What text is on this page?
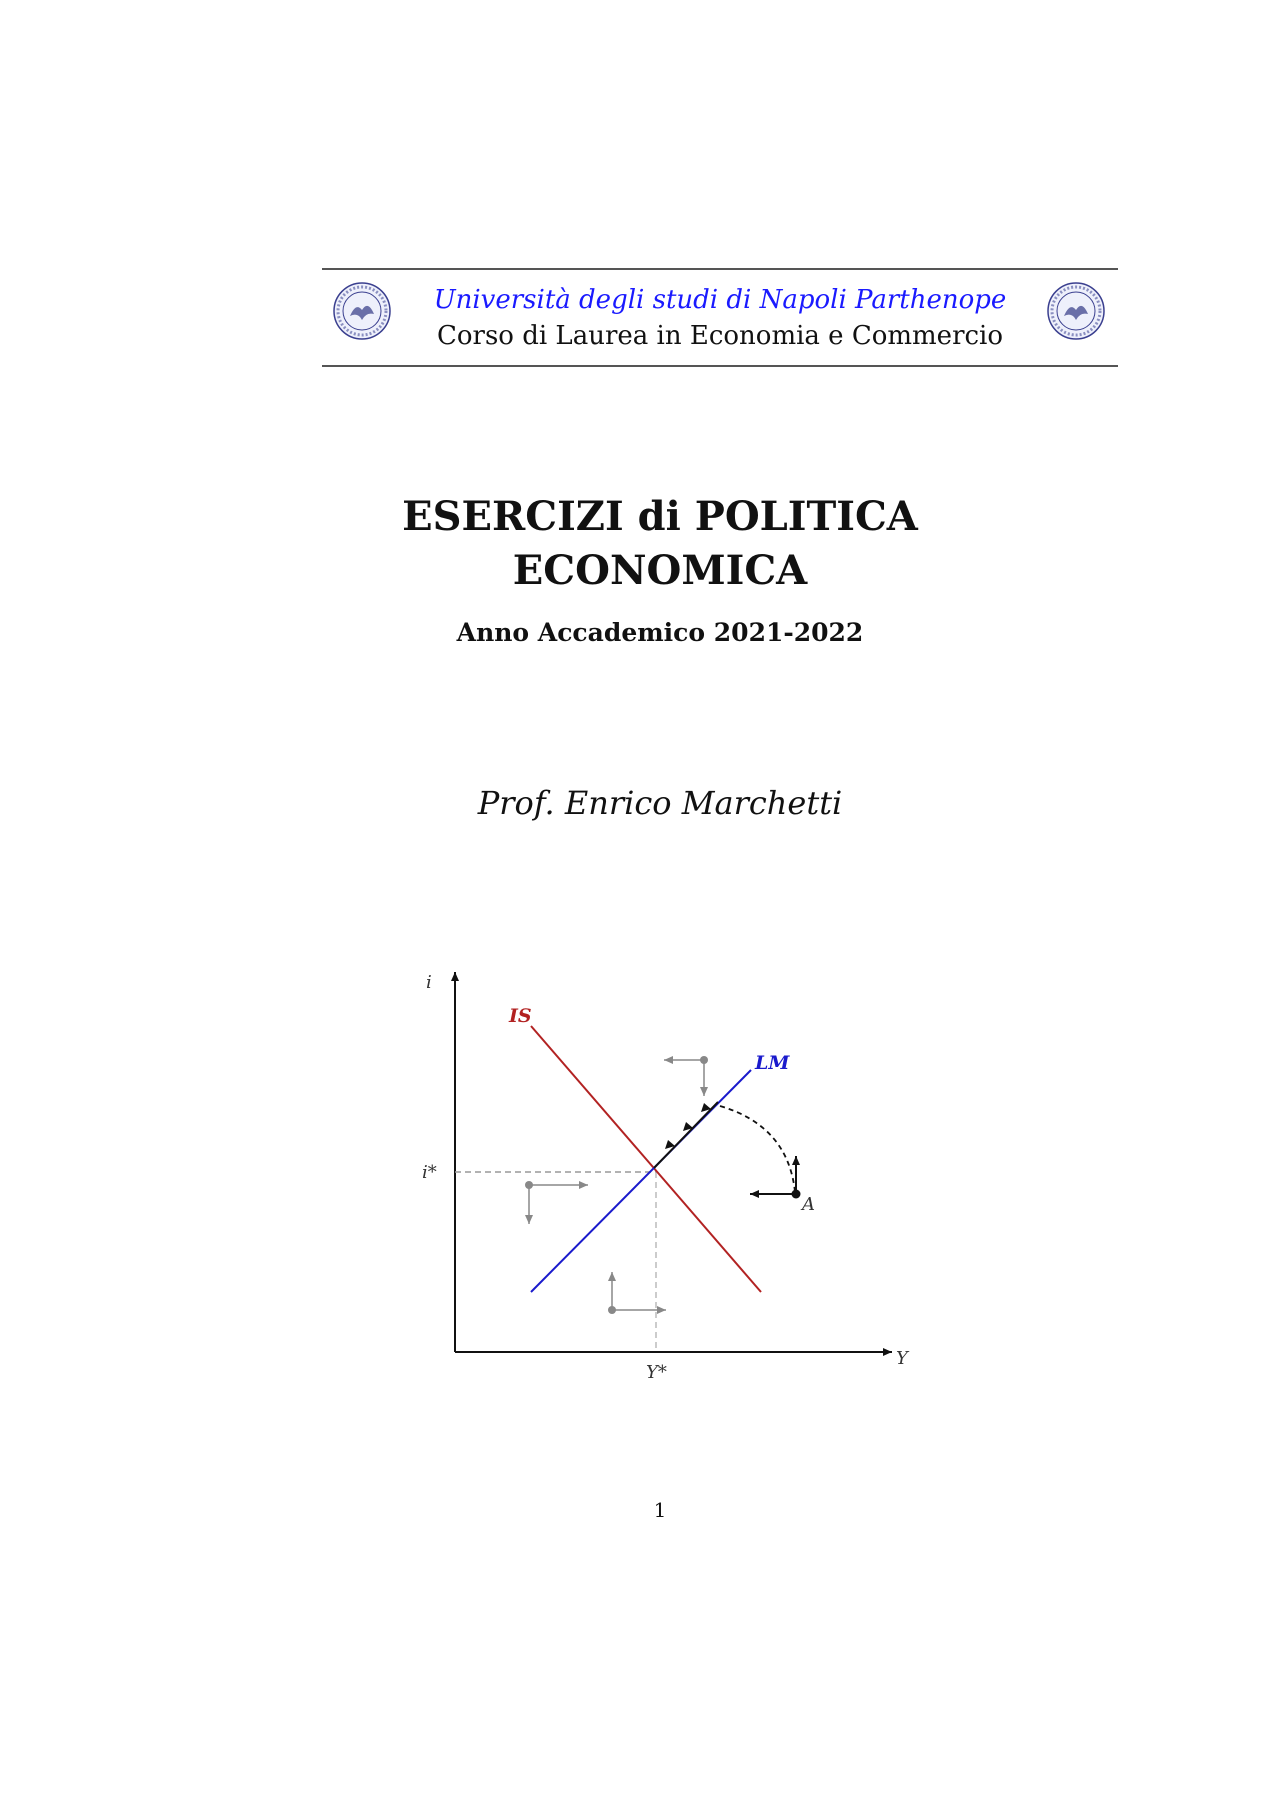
Università degli studi di Napoli Parthenope
Corso di Laurea in Economia e Commercio
ESERCIZI di POLITICA
ECONOMICA
Anno Accademico 2021-2022
Prof. Enrico Marchetti
i
Y
i*
Y*
IS
LM
A
1
